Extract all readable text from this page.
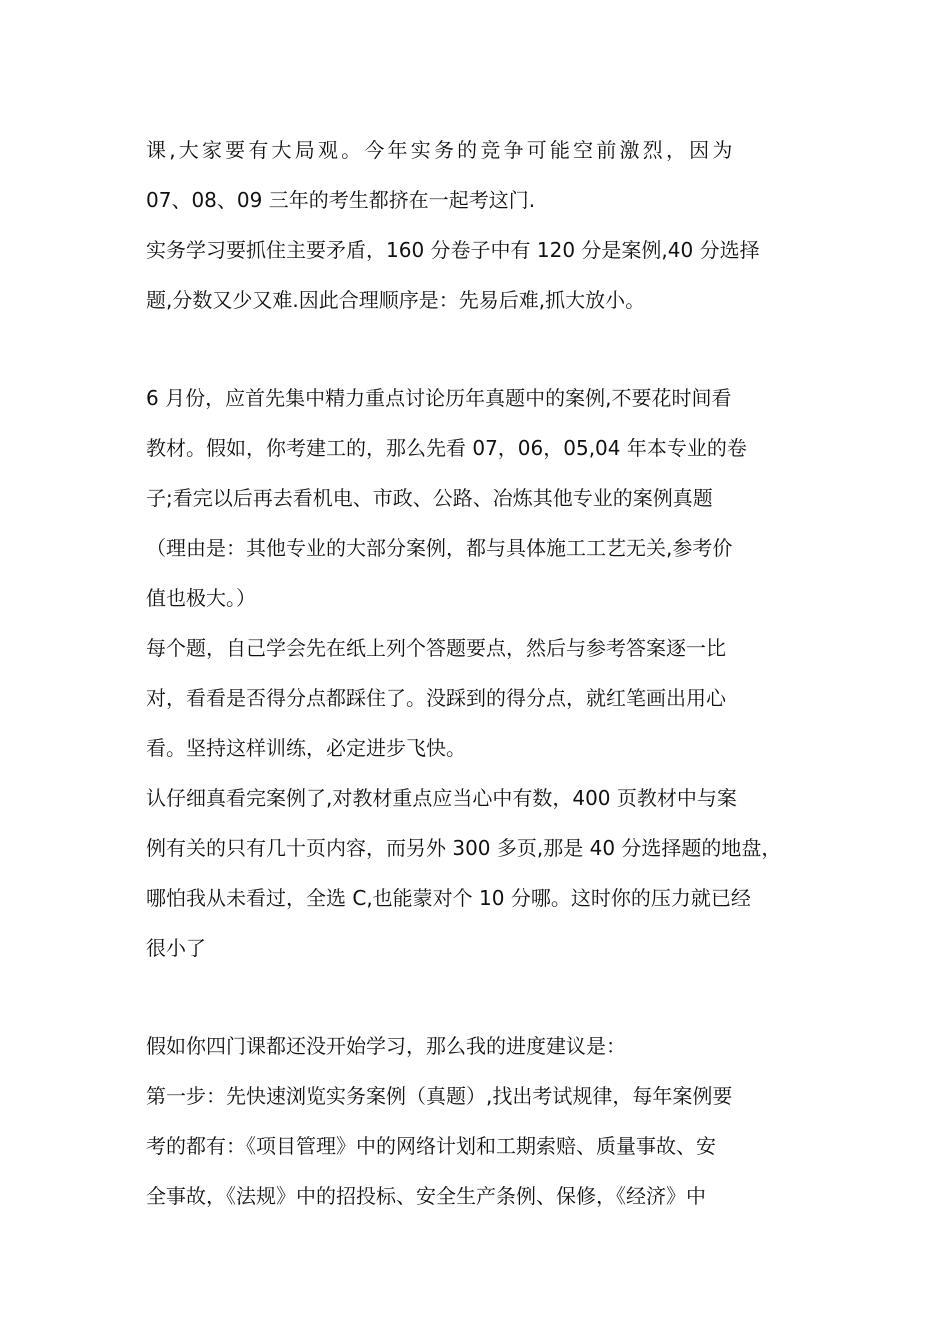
课,大家要有大局观。今年实务的竞争可能空前激烈，因为
07、08、09 三年的考生都挤在一起考这门.
实务学习要抓住主要矛盾，160 分卷子中有 120 分是案例,40 分选择
题,分数又少又难.因此合理顺序是：先易后难,抓大放小。
6 月份，应首先集中精力重点讨论历年真题中的案例,不要花时间看
教材。假如，你考建工的，那么先看 07，06，05,04 年本专业的卷
子;看完以后再去看机电、市政、公路、冶炼其他专业的案例真题
（理由是：其他专业的大部分案例，都与具体施工工艺无关,参考价
值也极大。）
每个题，自己学会先在纸上列个答题要点，然后与参考答案逐一比
对，看看是否得分点都踩住了。没踩到的得分点，就红笔画出用心
看。坚持这样训练，必定进步飞快。
认仔细真看完案例了,对教材重点应当心中有数，400 页教材中与案
例有关的只有几十页内容，而另外 300 多页,那是 40 分选择题的地盘，
哪怕我从未看过，全选 C,也能蒙对个 10 分哪。这时你的压力就已经
很小了
假如你四门课都还没开始学习，那么我的进度建议是：
第一步：先快速浏览实务案例（真题）,找出考试规律，每年案例要
考的都有：《项目管理》中的网络计划和工期索赔、质量事故、安
全事故，《法规》中的招投标、安全生产条例、保修，《经济》中
